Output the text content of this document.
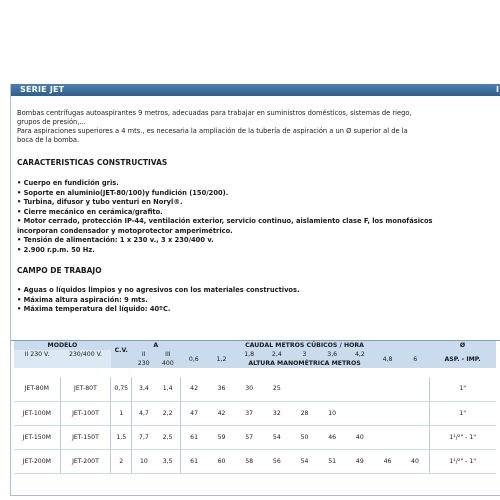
SERIE JET	I
Bombas centrífugas autoaspirantes 9 metros, adecuadas para trabajar en suministros domésticos, sistemas de riego,
grupos de presión,...
Para aspiraciones superiores a 4 mts., es necesaria la ampliación de la tubería de aspiración a un Ø superior al de la
boca de la bomba.
CARACTERISTICAS CONSTRUCTIVAS
• Cuerpo en fundición gris.
• Soporte en aluminio(JET-80/100)y fundición (150/200).
• Turbina, difusor y tubo venturi en Noryl®.
• Cierre mecánico en cerámica/grafito.
• Motor cerrado, protección IP-44, ventilación exterior, servicio continuo, aislamiento clase F, los monofásicos
incorporan condensador y motoprotector amperimétrico.
• Tensión de alimentación: 1 x 230 v., 3 x 230/400 v.
• 2.900 r.p.m. 50 Hz.
CAMPO DE TRABAJO
• Aguas o líquidos limpios y no agresivos con los materiales constructivos.
• Máxima altura aspiración: 9 mts.
• Máxima temperatura del líquido: 40ºC.
MODELO		C.V.	A		CAUDAL METROS CÚBICOS / HORA									Ø
II 230 V.	230/400 V.		II	III	0,6	1,2	1,8	2,4	3	3,6	4,2	4,8	6	ASP. - IMP.
			230	400			ALTURA MANOMÉTRICA METROS							

JET-80M	JET-80T	0,75	3,4	1,4	42	36	30	25						1"
JET-100M	JET-100T	1	4,7	2,2	47	42	37	32	28	10				1"
JET-150M	JET-150T	1,5	7,7	2,5	61	59	57	54	50	46	40			1¹/²" - 1"
JET-200M	JET-200T	2	10	3,5	61	60	58	56	54	51	49	46	40	1¹/²" - 1"
